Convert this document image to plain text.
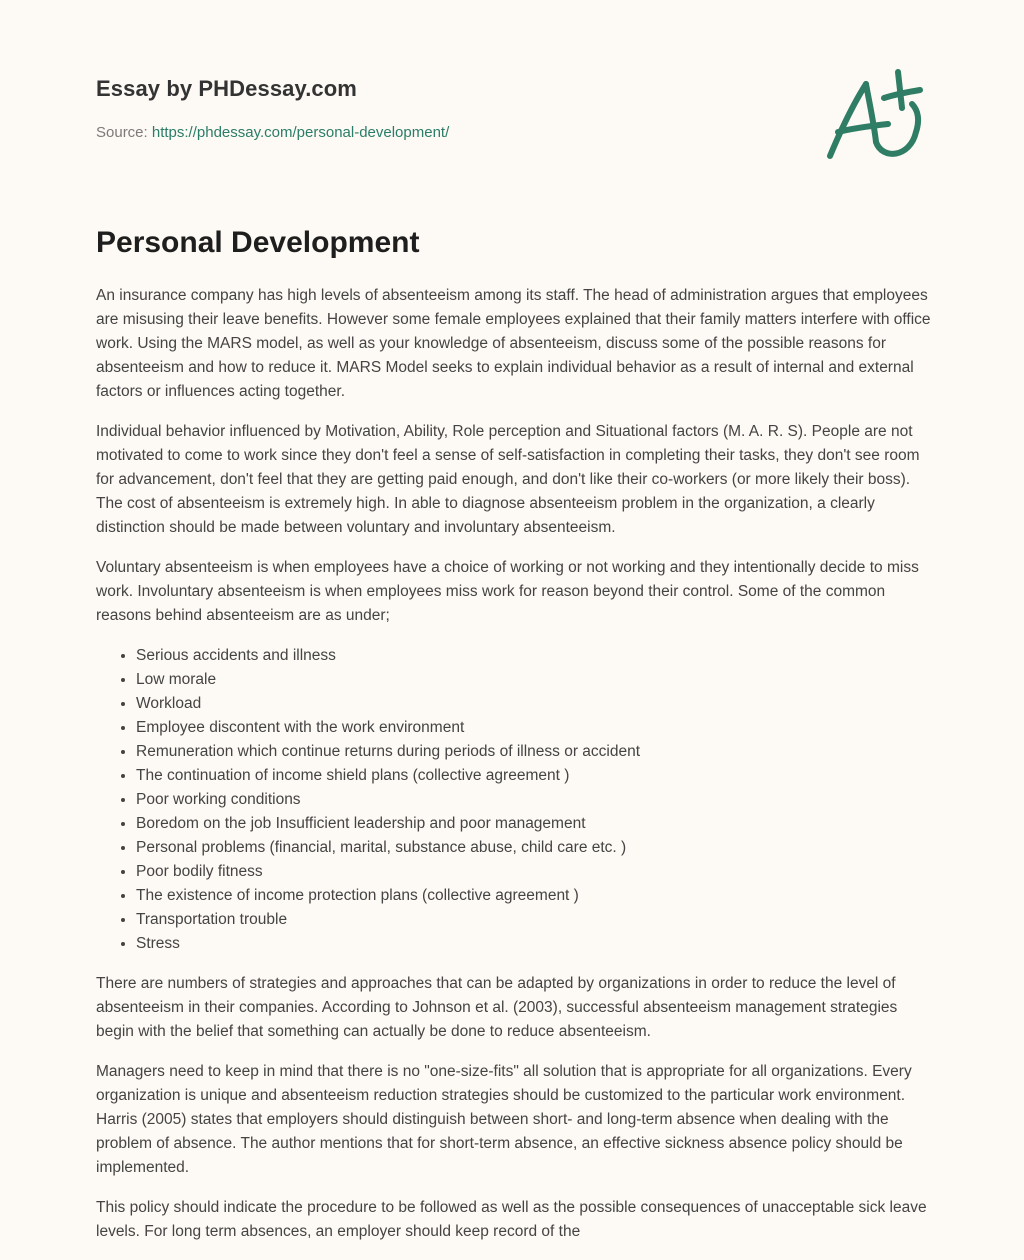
Essay by PHDessay.com
Source: https://phdessay.com/personal-development/
Personal Development

An insurance company has high levels of absenteeism among its staff. The head of administration argues that employees are misusing their leave benefits. However some female employees explained that their family matters interfere with office work. Using the MARS model, as well as your knowledge of absenteeism, discuss some of the possible reasons for absenteeism and how to reduce it. MARS Model seeks to explain individual behavior as a result of internal and external factors or influences acting together.

Individual behavior influenced by Motivation, Ability, Role perception and Situational factors (M. A. R. S). People are not motivated to come to work since they don't feel a sense of self-satisfaction in completing their tasks, they don't see room for advancement, don't feel that they are getting paid enough, and don't like their co-workers (or more likely their boss). The cost of absenteeism is extremely high. In able to diagnose absenteeism problem in the organization, a clearly distinction should be made between voluntary and involuntary absenteeism.

Voluntary absenteeism is when employees have a choice of working or not working and they intentionally decide to miss work. Involuntary absenteeism is when employees miss work for reason beyond their control. Some of the common reasons behind absenteeism are as under;

• Serious accidents and illness
• Low morale
• Workload
• Employee discontent with the work environment
• Remuneration which continue returns during periods of illness or accident
• The continuation of income shield plans (collective agreement )
• Poor working conditions
• Boredom on the job Insufficient leadership and poor management
• Personal problems (financial, marital, substance abuse, child care etc. )
• Poor bodily fitness
• The existence of income protection plans (collective agreement )
• Transportation trouble
• Stress

There are numbers of strategies and approaches that can be adapted by organizations in order to reduce the level of absenteeism in their companies. According to Johnson et al. (2003), successful absenteeism management strategies begin with the belief that something can actually be done to reduce absenteeism.

Managers need to keep in mind that there is no "one-size-fits" all solution that is appropriate for all organizations. Every organization is unique and absenteeism reduction strategies should be customized to the particular work environment. Harris (2005) states that employers should distinguish between short- and long-term absence when dealing with the problem of absence. The author mentions that for short-term absence, an effective sickness absence policy should be implemented.

This policy should indicate the procedure to be followed as well as the possible consequences of unacceptable sick leave levels. For long term absences, an employer should keep record of the
